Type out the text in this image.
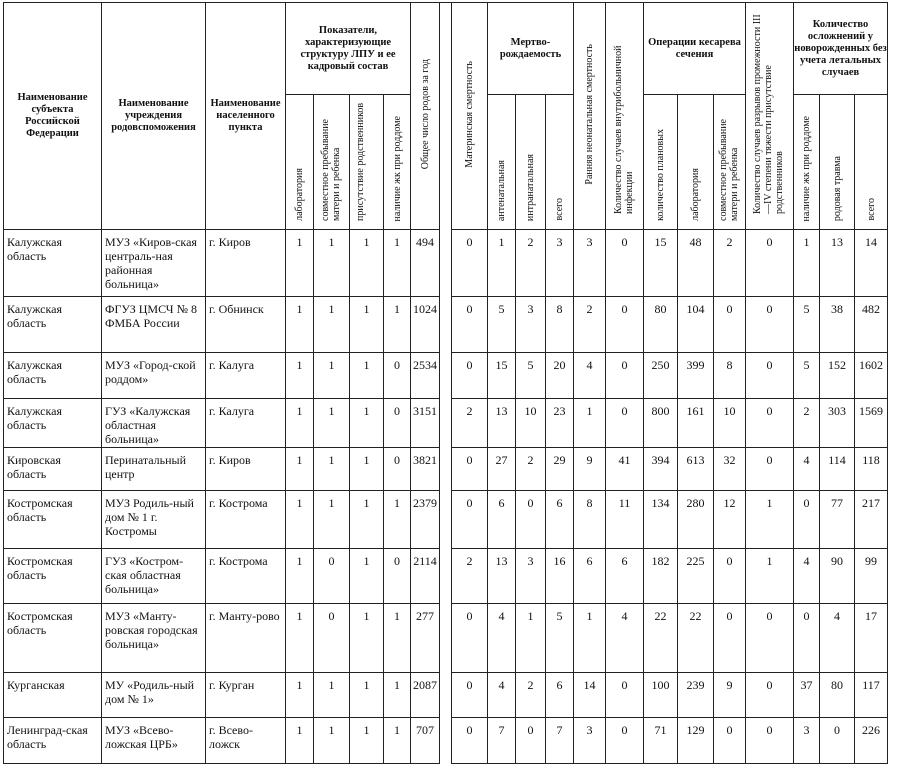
Наименование субъекта Российской Федерации	Наименование учреждения родовспоможения	Наименование населенного пункта	Показатели, характеризующие структуру ЛПУ и ее кадровый состав				Общее число родов за год		Материнская смертность	Мертво-рождаемость			Ранняя неонатальная смертность	Количество случаев внутрибольничной инфекции	Операции кесарева сечения			Количество случаев разрывов промежности III—IV степени тяжести присутствие родственников	Количество осложнений у новорожденных без учета летальных случаев		
			лаборатория	совместное пребывание матери и ребенка	присутствие родственников	наличие жк при роддоме				антенатальная	интранатальная	всего			количество плановых	лаборатория	совместное пребывание матери и ребенка		наличие жк при роддоме	родовая травма	всего
Калужская область	МУЗ «Киров-ская централь-ная районная больница»	г. Киров	1	1	1	1	494		0	1	2	3	3	0	15	48	2	0	1	13	14
Калужская область	ФГУЗ ЦМСЧ № 8 ФМБА России	г. Обнинск	1	1	1	1	1024		0	5	3	8	2	0	80	104	0	0	5	38	482
Калужская область	МУЗ «Город-ской роддом»	г. Калуга	1	1	1	0	2534		0	15	5	20	4	0	250	399	8	0	5	152	1602
Калужская область	ГУЗ «Калужская областная больница»	г. Калуга	1	1	1	0	3151		2	13	10	23	1	0	800	161	10	0	2	303	1569
Кировская область	Перинатальный центр	г. Киров	1	1	1	0	3821		0	27	2	29	9	41	394	613	32	0	4	114	118
Костромская область	МУЗ Родиль-ный дом № 1 г. Костромы	г. Кострома	1	1	1	1	2379		0	6	0	6	8	11	134	280	12	1	0	77	217
Костромская область	ГУЗ «Костром-ская областная больница»	г. Кострома	1	0	1	0	2114		2	13	3	16	6	6	182	225	0	1	4	90	99
Костромская область	МУЗ «Манту-ровская городская больница»	г. Манту-рово	1	0	1	1	277		0	4	1	5	1	4	22	22	0	0	0	4	17
Курганская	МУ «Родиль-ный дом № 1»	г. Курган	1	1	1	1	2087		0	4	2	6	14	0	100	239	9	0	37	80	117
Ленинград-ская область	МУЗ «Всево-ложская ЦРБ»	г. Всево-ложск	1	1	1	1	707		0	7	0	7	3	0	71	129	0	0	3	0	226
